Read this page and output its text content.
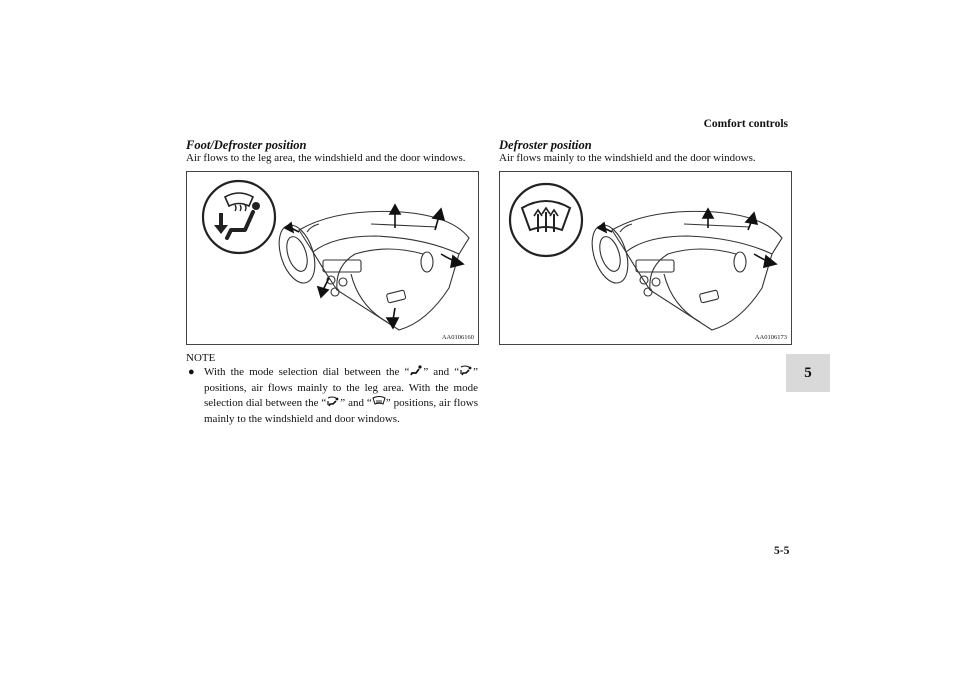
Comfort controls
5
5-5
Foot/Defroster position
Air flows to the leg area, the windshield and the door windows.
AA0106160
NOTE
● With the mode selection dial between the “ ” and “ ” positions, air flows mainly to the leg area. With the mode selection dial between the “ ” and “ ” positions, air flows mainly to the windshield and door windows.
Defroster position
Air flows mainly to the windshield and the door windows.
AA0106173
